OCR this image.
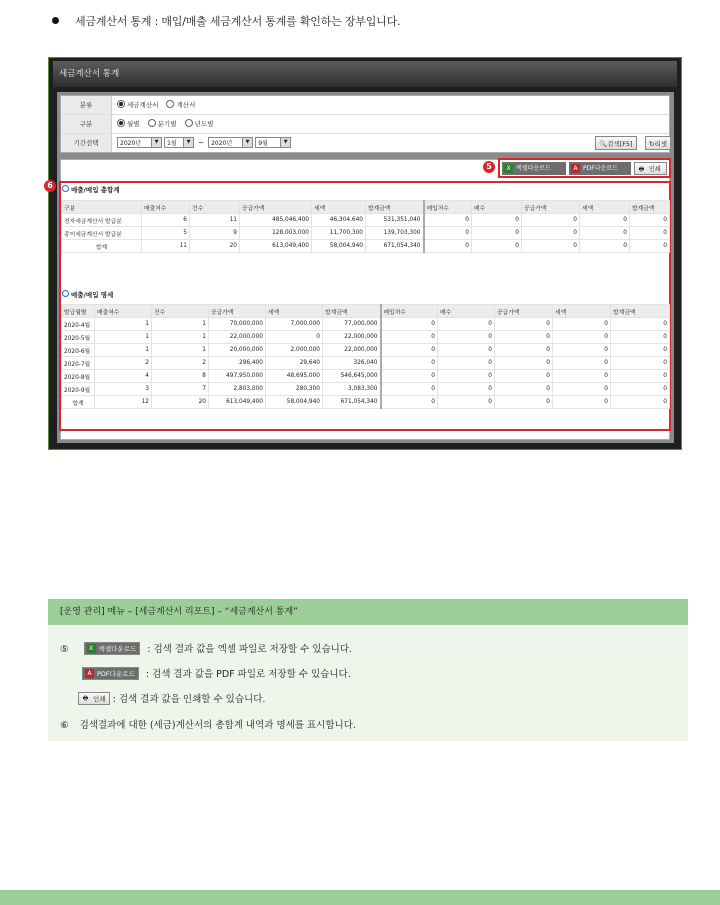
세금계산서 통계 : 매입/매출 세금계산서 통계를 확인하는 장부입니다.
세금계산서 통계
분류	세금계산서	계산서
구분	월별	분기별	년도별
기간선택	2020년	▼	1월	▼	~ 2020년	▼	9월	▼	🔍검색[F5]	↻리셋
X 엑셀다운로드	A PDF다운로드	🖶 인쇄
5
6	매출/매입 총합계
구분	매출처수	건수	공급가액	세액	합계금액	매입처수	매수	공급가액	세액	합계금액
전자세금계산서 발급분	6	11	485,046,400	46,304,640	531,351,040	0	0	0	0	0
종이세금계산서 발급분	5	9	128,003,000	11,700,300	139,703,300	0	0	0	0	0
합계	11	20	613,049,400	58,004,940	671,054,340	0	0	0	0	0
매출/매입 명세
발급월별	매출처수	건수	공급가액	세액	합계금액	매입처수	매수	공급가액	세액	합계금액
2020-4월	1	1	70,000,000	7,000,000	77,000,000	0	0	0	0	0
2020-5월	1	1	22,000,000	0	22,000,000	0	0	0	0	0
2020-6월	1	1	20,000,000	2,000,000	22,000,000	0	0	0	0	0
2020-7월	2	2	296,400	29,640	326,040	0	0	0	0	0
2020-8월	4	8	497,950,000	48,695,000	546,645,000	0	0	0	0	0
2020-9월	3	7	2,803,000	280,300	3,083,300	0	0	0	0	0
합계	12	20	613,049,400	58,004,940	671,054,340	0	0	0	0	0
[운영 관리] 메뉴 – [세금계산서 리포트] – “세금계산서 통계”
⑤	X 엑셀다운로드 : 검색 결과 값을 엑셀 파일로 저장할 수 있습니다.
A PDF다운로드 : 검색 결과 값을 PDF 파일로 저장할 수 있습니다.
🖶 인쇄 : 검색 결과 값을 인쇄할 수 있습니다.
⑥ 검색결과에 대한 (세금)계산서의 총합계 내역과 명세를 표시합니다.
